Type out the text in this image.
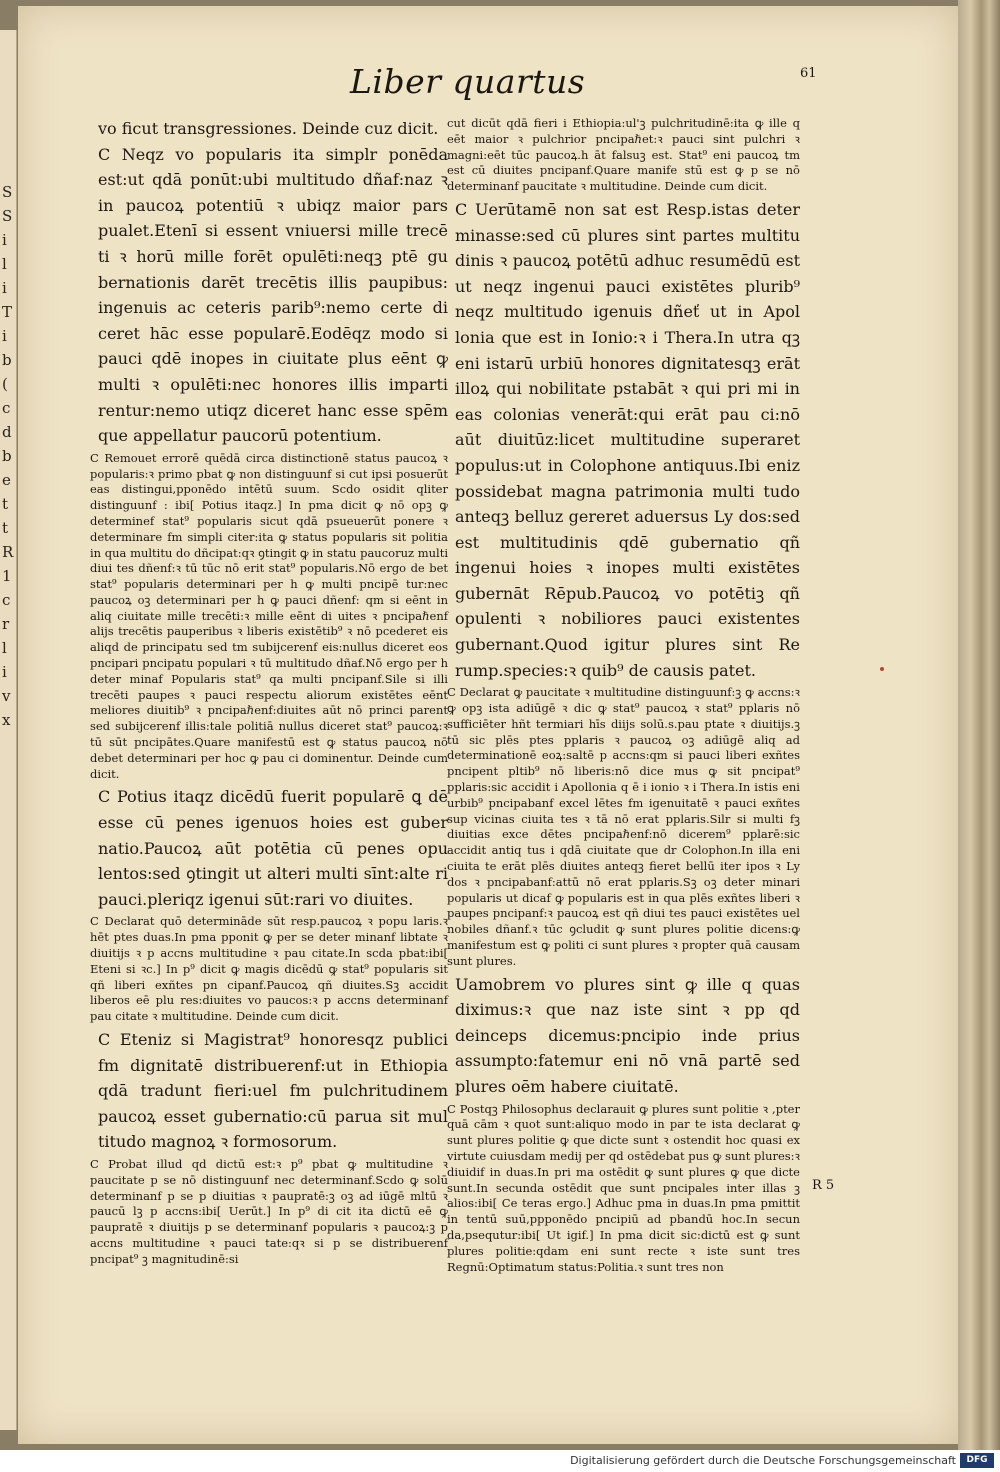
S
S
i
l
i
T
i
b
(
c
d
b
e
t
t
R
1
c
r
l
i
v
x
Liber quartus	61

vo ficut transgressiones. Deinde cuz dicit.

C Neqz vo popularis ita simplr ponēda est:ut qdā ponūt:ubi multitudo dñaf:naz ꝛ in paucoꝝ potentiū ꝛ ubiqz maior pars pualet.Etenī si essent vniuersi mille trecē ti ꝛ horū mille forēt opulēti:neqꝫ ptē gu bernationis darēt trecētis illis paupibus: ingenuis ac ceteris parib⁹:nemo certe di ceret hāc esse popularē.Eodēqz modo si pauci qdē inopes in ciuitate plus eēnt ꝙ multi ꝛ opulēti:nec honores illis imparti rentur:nemo utiqz diceret hanc esse spēm que appellatur paucorū potentium.

C Remouet errorē quēdā circa distinctionē status paucoꝝ ꝛ popularis:ꝛ primo pbat ꝙ non distinguunf si cut ipsi posuerūt eas distingui,pponēdo intētū suum. Scdo osidit qliter distinguunf : ibi[ Potius itaqz.] In pma dicit ꝙ nō opꝫ ꝙ determinef stat⁹ popularis sicut qdā psueuerūt ponere ꝛ determinare fm simpli citer:ita ꝙ status popularis sit politia in qua multitu do dñcipat:qꝛ ꝯtingit ꝙ in statu paucoruz multi diui tes dñenf:ꝛ tū tūc nō erit stat⁹ popularis.Nō ergo de bet stat⁹ popularis determinari per h ꝙ multi pncipē tur:nec paucoꝝ oꝫ determinari per h ꝙ pauci dñenf: qm si eēnt in aliq ciuitate mille trecēti:ꝛ mille eēnt di uites ꝛ pncipaℏenf alijs trecētis pauperibus ꝛ liberis existētib⁹ ꝛ nō pcederet eis aliqd de principatu sed tm subijcerenf eis:nullus diceret eos pncipari pncipatu populari ꝛ tū multitudo dñaf.Nō ergo per h deter minaf Popularis stat⁹ qa multi pncipanf.Sile si illi trecēti paupes ꝛ pauci respectu aliorum existētes eēnt meliores diuitib⁹ ꝛ pncipaℏenf:diuites aūt nō princi parent sed subijcerenf illis:tale politiā nullus diceret stat⁹ paucoꝝ:ꝛ tū sūt pncipātes.Quare manifestū est ꝙ status paucoꝝ nō debet determinari per hoc ꝙ pau ci dominentur. Deinde cum dicit.

C Potius itaqz dicēdū fuerit popularē ꝗ dē esse cū penes igenuos hoies est guber natio.Paucoꝝ aūt potētia cū penes opu lentos:sed ꝯtingit ut alteri multi sīnt:alte ri pauci.pleriqz igenui sūt:rari vo diuites.

C Declarat quō determināde sūt resp.paucoꝝ ꝛ popu laris.ꝛ hēt ptes duas.In pma pponit ꝙ per se deter minanf libtate ꝛ diuitijs ꝛ p accns multitudine ꝛ pau citate.In scda pbat:ibi[ Eteni si ꝛc.] In p⁹ dicit ꝙ magis dicēdū ꝙ stat⁹ popularis sit qñ liberi exñtes pn cipanf.Paucoꝝ qñ diuites.Sꝫ accidit liberos eē plu res:diuites vo paucos:ꝛ p accns determinanf pau citate ꝛ multitudine. Deinde cum dicit.

C Eteniz si Magistrat⁹ honoresqz publici fm dignitatē distribuerenf:ut in Ethiopia qdā tradunt fieri:uel fm pulchritudinem paucoꝝ esset gubernatio:cū parua sit mul titudo magnoꝝ ꝛ formosorum.

C Probat illud qd dictū est:ꝛ p⁹ pbat ꝙ multitudine ꝛ paucitate p se nō distinguunf nec determinanf.Scdo ꝙ solū determinanf p se p diuitias ꝛ paupratē:ꝫ oꝫ ad iūgē mltū ꝛ paucū lꝫ p accns:ibi[ Uerūt.] In p⁹ di cit ita dictū eē ꝙ paupratē ꝛ diuitijs p se determinanf popularis ꝛ paucoꝝ:ꝫ p accns multitudine ꝛ pauci tate:qꝛ si p se distribuerenf pncipat⁹ ꝫ magnitudinē:si

cut dicūt qdā fieri i Ethiopia:ul'ꝫ pulchritudinē:ita ꝙ ille q eēt maior ꝛ pulchrior pncipaℏet:ꝛ pauci sint pulchri ꝛ magni:eēt tūc paucoꝝ.h āt falsuꝫ est. Stat⁹ eni paucoꝝ tm est cū diuites pncipanf.Quare manife stū est ꝙ p se nō determinanf paucitate ꝛ multitudine. Deinde cum dicit.

C Uerūtamē non sat est Resp.istas deter minasse:sed cū plures sint partes multitu dinis ꝛ paucoꝝ potētū adhuc resumēdū est ut neqz ingenui pauci existētes plurib⁹ neqz multitudo igenuis dñeť ut in Apol lonia que est in Ionio:ꝛ i Thera.In utra qꝫ eni istarū urbiū honores dignitatesqꝫ erāt illoꝝ qui nobilitate pstabāt ꝛ qui pri mi in eas colonias venerāt:qui erāt pau ci:nō aūt diuitūz:licet multitudine superaret populus:ut in Colophone antiquus.Ibi eniz possidebat magna patrimonia multi tudo anteqꝫ belluz gereret aduersus Ly dos:sed est multitudinis qdē gubernatio qñ ingenui hoies ꝛ inopes multi existētes gubernāt Rēpub.Paucoꝝ vo potētiꝫ qñ opulenti ꝛ nobiliores pauci existentes gubernant.Quod igitur plures sint Re rump.species:ꝛ quib⁹ de causis patet.

C Declarat ꝙ paucitate ꝛ multitudine distinguunf:ꝫ ꝙ accns:ꝛ ꝙ opꝫ ista adiūgē ꝛ dic ꝙ stat⁹ paucoꝝ ꝛ stat⁹ pplaris nō sufficiēter hñt termiari hīs diijs solū.s.pau ptate ꝛ diuitijs.ꝫ tū sic plēs ptes pplaris ꝛ paucoꝝ oꝫ adiūgē aliq ad determinationē eoꝝ:saltē p accns:qm si pauci liberi exñtes pncipent pltib⁹ nō liberis:nō dice mus ꝙ sit pncipat⁹ pplaris:sic accidit i Apollonia q ē i ionio ꝛ i Thera.In istis eni urbib⁹ pncipabanf excel lētes fm igenuitatē ꝛ pauci exñtes sup vicinas ciuita tes ꝛ tā nō erat pplaris.Silr si multi fꝫ diuitias exce dētes pncipaℏenf:nō dicerem⁹ pplarē:sic accidit antiq tus i qdā ciuitate que dr Colophon.In illa eni ciuita te erāt plēs diuites anteqꝫ fieret bellū iter ipos ꝛ Ly dos ꝛ pncipabanf:attū nō erat pplaris.Sꝫ oꝫ deter minari popularis ut dicaf ꝙ popularis est in qua plēs exñtes liberi ꝛ paupes pncipanf:ꝛ paucoꝝ est qñ diui tes pauci existētes uel nobiles dñanf.ꝛ tūc ꝯcludit ꝙ sunt plures politie dicens:ꝙ manifestum est ꝙ politi ci sunt plures ꝛ propter quā causam sunt plures.

Uamobrem vo plures sint ꝙ ille q quas diximus:ꝛ que naz iste sint ꝛ pp qd deinceps dicemus:pncipio inde prius assumpto:fatemur eni nō vnā partē sed plures oēm habere ciuitatē.

C Postqꝫ Philosophus declarauit ꝙ plures sunt politie ꝛ ,pter quā cām ꝛ quot sunt:aliquo modo in par te ista declarat ꝙ sunt plures politie ꝙ que dicte sunt ꝛ ostendit hoc quasi ex virtute cuiusdam medij per qd ostēdebat pus ꝙ sunt plures:ꝛ diuidif in duas.In pri ma ostēdit ꝙ sunt plures ꝙ que dicte sunt.In secunda ostēdit que sunt pncipales inter illas ꝫ alios:ibi[ Ce teras ergo.] Adhuc pma in duas.In pma pmittit in tentū suū,ppponēdo pncipiū ad pbandū hoc.In secun da,psequtur:ibi[ Ut igif.] In pma dicit sic:dictū est ꝙ sunt plures politie:qdam eni sunt recte ꝛ iste sunt tres Regnū:Optimatum status:Politia.ꝛ sunt tres non

R 5
Digitalisierung gefördert durch die Deutsche Forschungsgemeinschaft	DFG
